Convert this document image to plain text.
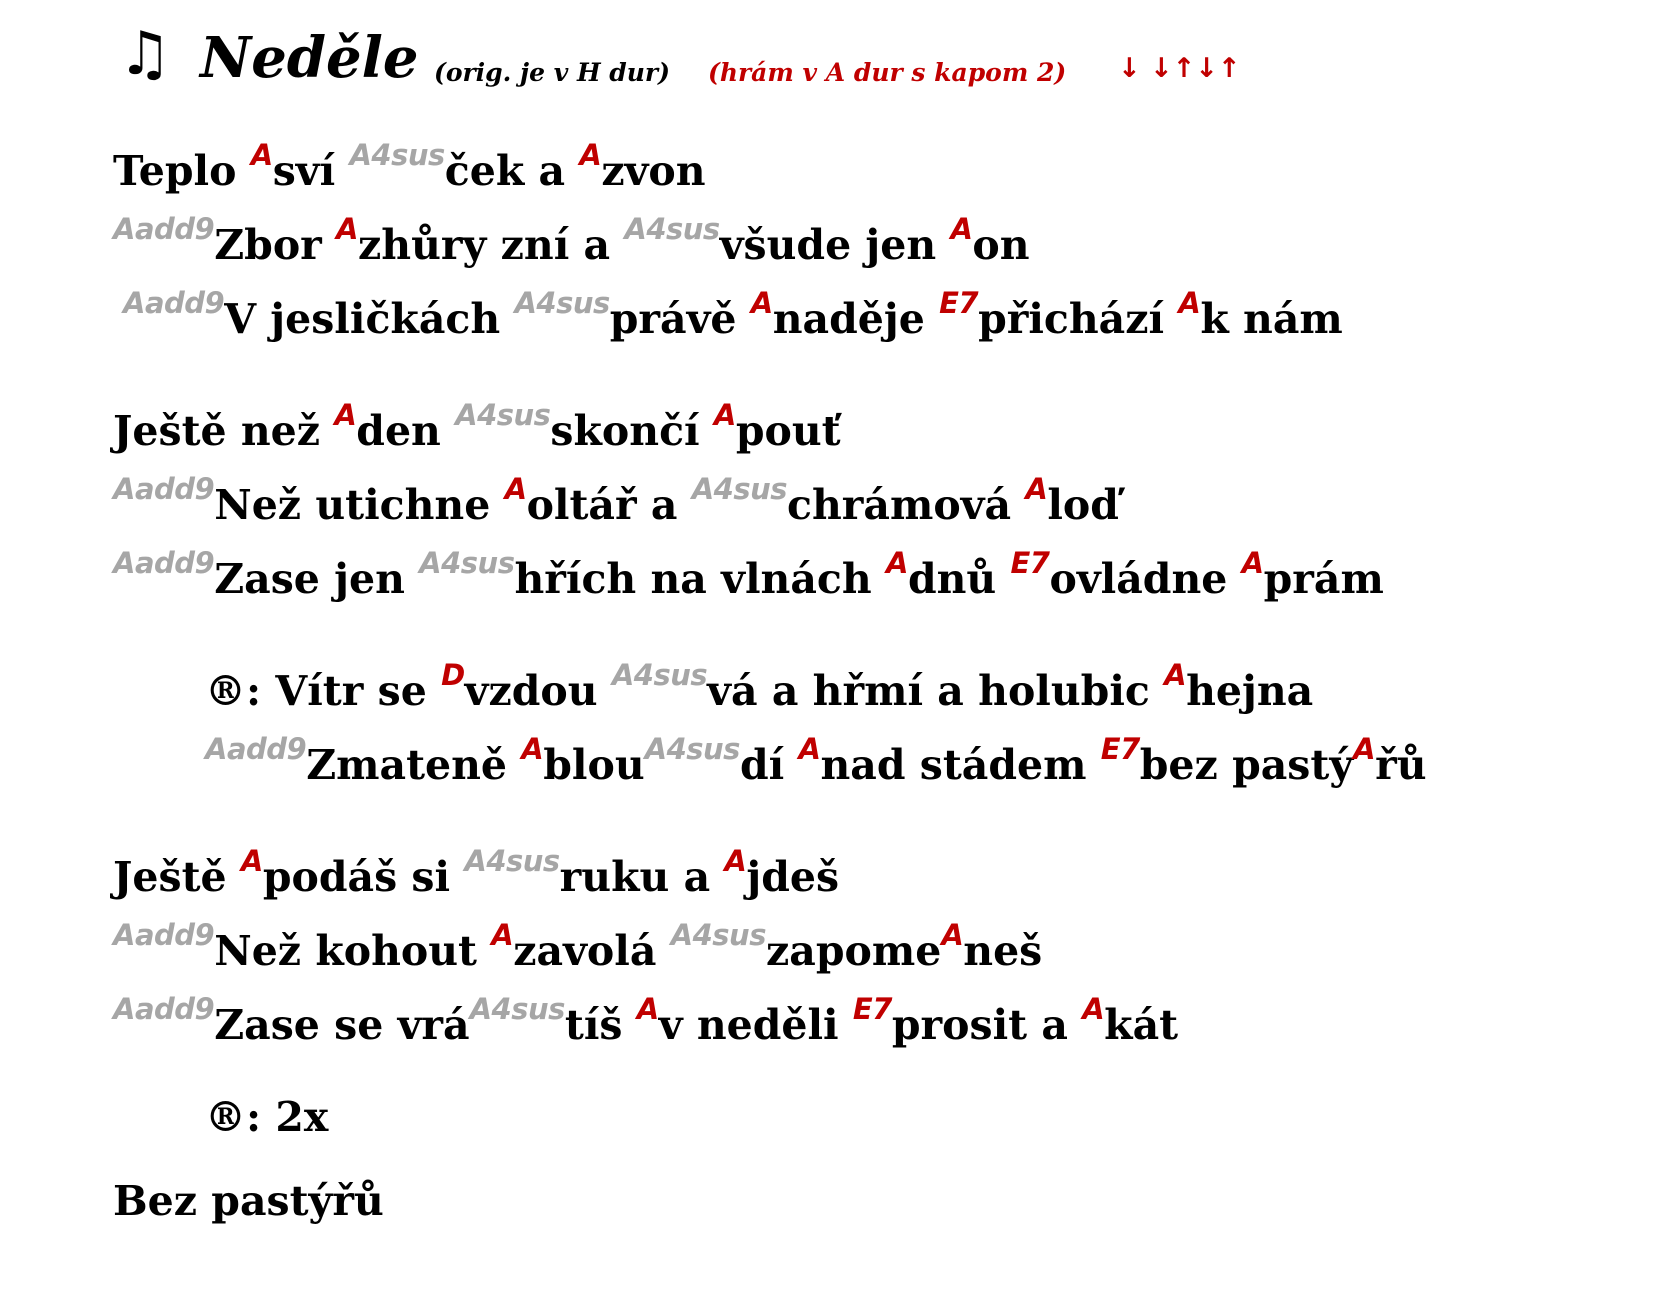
♫ Neděle (orig. je v H dur) (hrám v A dur s kapom 2) ↓ ↓↑↓↑
Teplo $^A$sví $^{A4sus}$ček a $^A$zvon
$^{Aadd9}$Zbor $^A$zhůry zní a $^{A4sus}$všude jen $^A$on
$^{Aadd9}$V jesličkách $^{A4sus}$právě $^A$naděje $^{E7}$přichází $^A$k nám
Ještě než $^A$den $^{A4sus}$skončí $^A$pouť
$^{Aadd9}$Než utichne $^A$oltář a $^{A4sus}$chrámová $^A$loď
$^{Aadd9}$Zase jen $^{A4sus}$hřích na vlnách $^A$dnů $^{E7}$ovládne $^A$prám
®: Vítr se $^D$vzdou $^{A4sus}$vá a hřmí a holubic $^A$hejna
$^{Aadd9}$Zmateně $^A$blou$^{A4sus}$dí $^A$nad stádem $^{E7}$bez pastý$^A$řů
Ještě $^A$podáš si $^{A4sus}$ruku a $^A$jdeš
$^{Aadd9}$Než kohout $^A$zavolá $^{A4sus}$zapome$^A$neš
$^{Aadd9}$Zase se vrá$^{A4sus}$tíš $^A$v neděli $^{E7}$prosit a $^A$kát
®: 2x
Bez pastýřů
